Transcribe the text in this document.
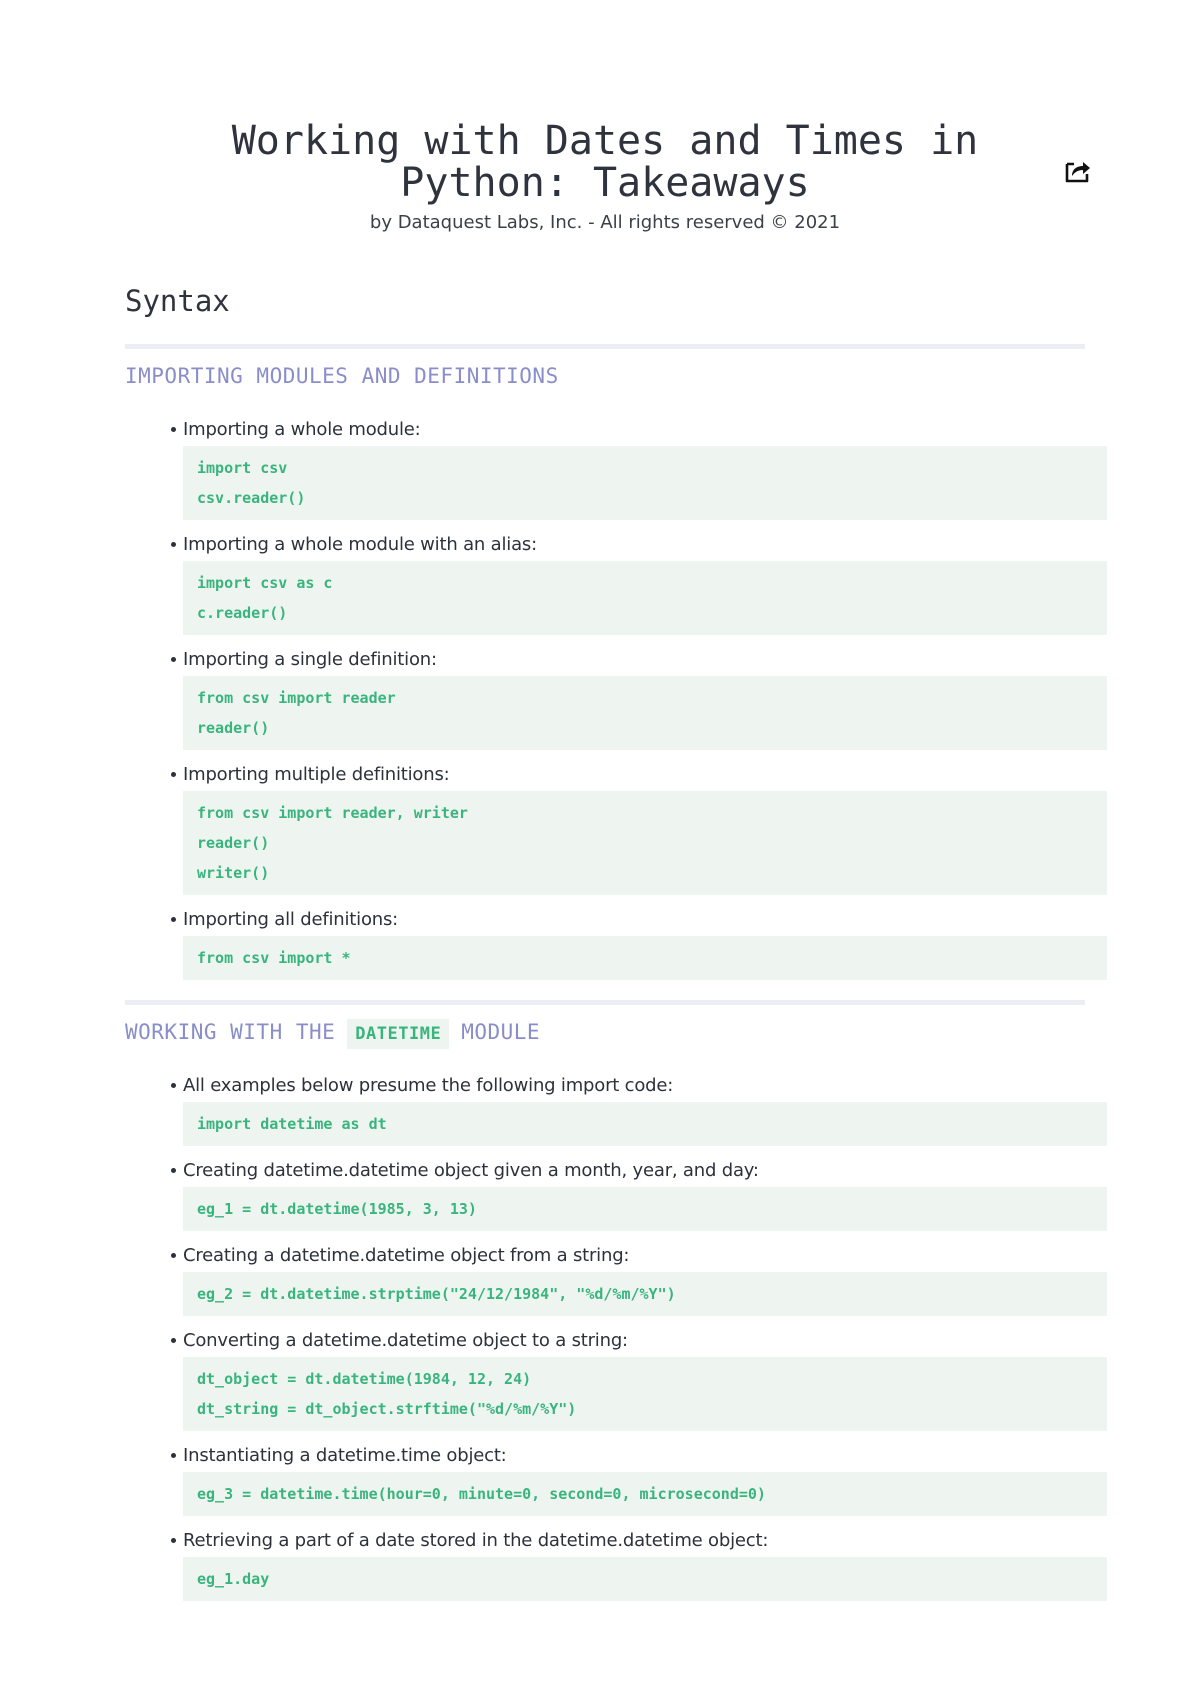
Working with Dates and Times in Python: Takeaways
by Dataquest Labs, Inc. - All rights reserved © 2021
Syntax
IMPORTING MODULES AND DEFINITIONS
Importing a whole module:
import csv
csv.reader()
Importing a whole module with an alias:
import csv as c
c.reader()
Importing a single definition:
from csv import reader
reader()
Importing multiple definitions:
from csv import reader, writer
reader()
writer()
Importing all definitions:
from csv import *
WORKING WITH THE DATETIME MODULE
All examples below presume the following import code:
import datetime as dt
Creating datetime.datetime object given a month, year, and day:
eg_1 = dt.datetime(1985, 3, 13)
Creating a datetime.datetime object from a string:
eg_2 = dt.datetime.strptime("24/12/1984", "%d/%m/%Y")
Converting a datetime.datetime object to a string:
dt_object = dt.datetime(1984, 12, 24)
dt_string = dt_object.strftime("%d/%m/%Y")
Instantiating a datetime.time object:
eg_3 = datetime.time(hour=0, minute=0, second=0, microsecond=0)
Retrieving a part of a date stored in the datetime.datetime object:
eg_1.day
